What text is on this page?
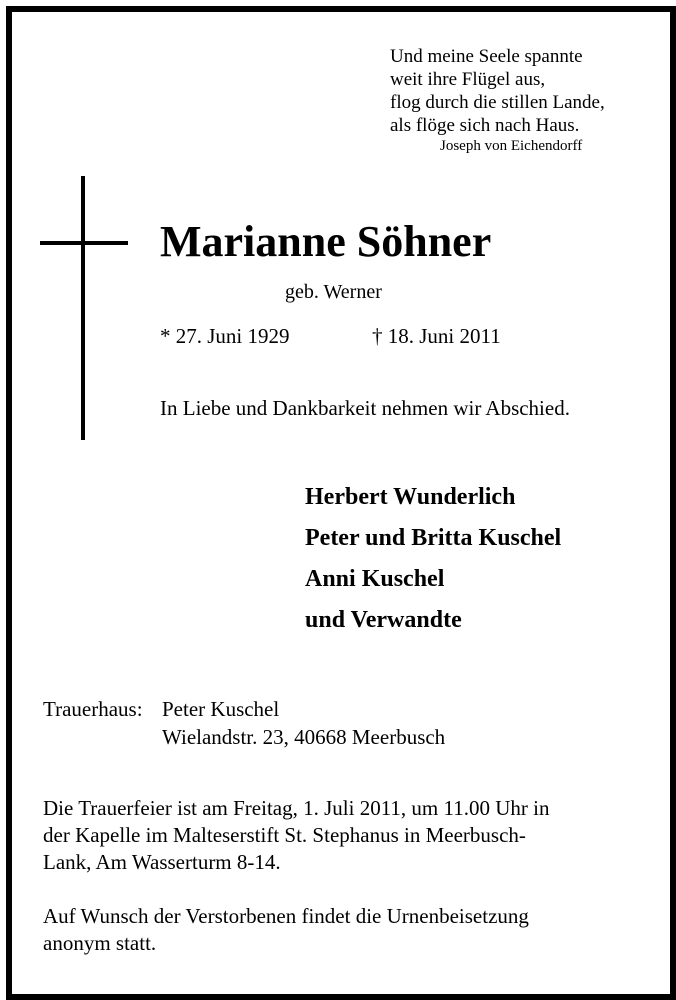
Und meine Seele spannte
weit ihre Flügel aus,
flog durch die stillen Lande,
als flöge sich nach Haus.
Joseph von Eichendorff
Marianne Söhner
geb. Werner
* 27. Juni 1929	† 18. Juni 2011
In Liebe und Dankbarkeit nehmen wir Abschied.
Herbert Wunderlich
Peter und Britta Kuschel
Anni Kuschel
und Verwandte
Trauerhaus: Peter Kuschel
Wielandstr. 23, 40668 Meerbusch
Die Trauerfeier ist am Freitag, 1. Juli 2011, um 11.00 Uhr in
der Kapelle im Malteserstift St. Stephanus in Meerbusch-
Lank, Am Wasserturm 8-14.
Auf Wunsch der Verstorbenen findet die Urnenbeisetzung
anonym statt.
